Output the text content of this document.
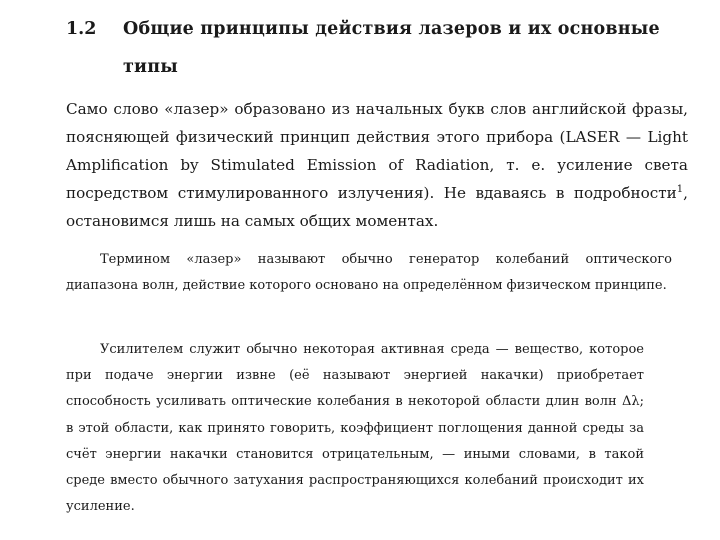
1.2 Общие принципы действия лазеров и их основные типы
Само слово «лазер» образовано из начальных букв слов английской фразы, поясняющей физический принцип действия этого прибора (LASER — Light Amplification by Stimulated Emission of Radiation, т. е. усиление света посредством стимулированного излучения). Не вдаваясь в подробности$^1$, остановимся лишь на самых общих моментах.
Термином «лазер» называют обычно генератор колебаний оптического диапазона волн, действие которого основано на определённом физическом принципе.
Усилителем служит обычно некоторая активная среда — вещество, которое при подаче энергии извне (её называют энергией накачки) приобретает способность усиливать оптические колебания в некоторой области длин волн Δλ; в этой области, как принято говорить, коэффициент поглощения данной среды за счёт энергии накачки становится отрицательным, — иными словами, в такой среде вместо обычного затухания распространяющихся колебаний происходит их усиление.
